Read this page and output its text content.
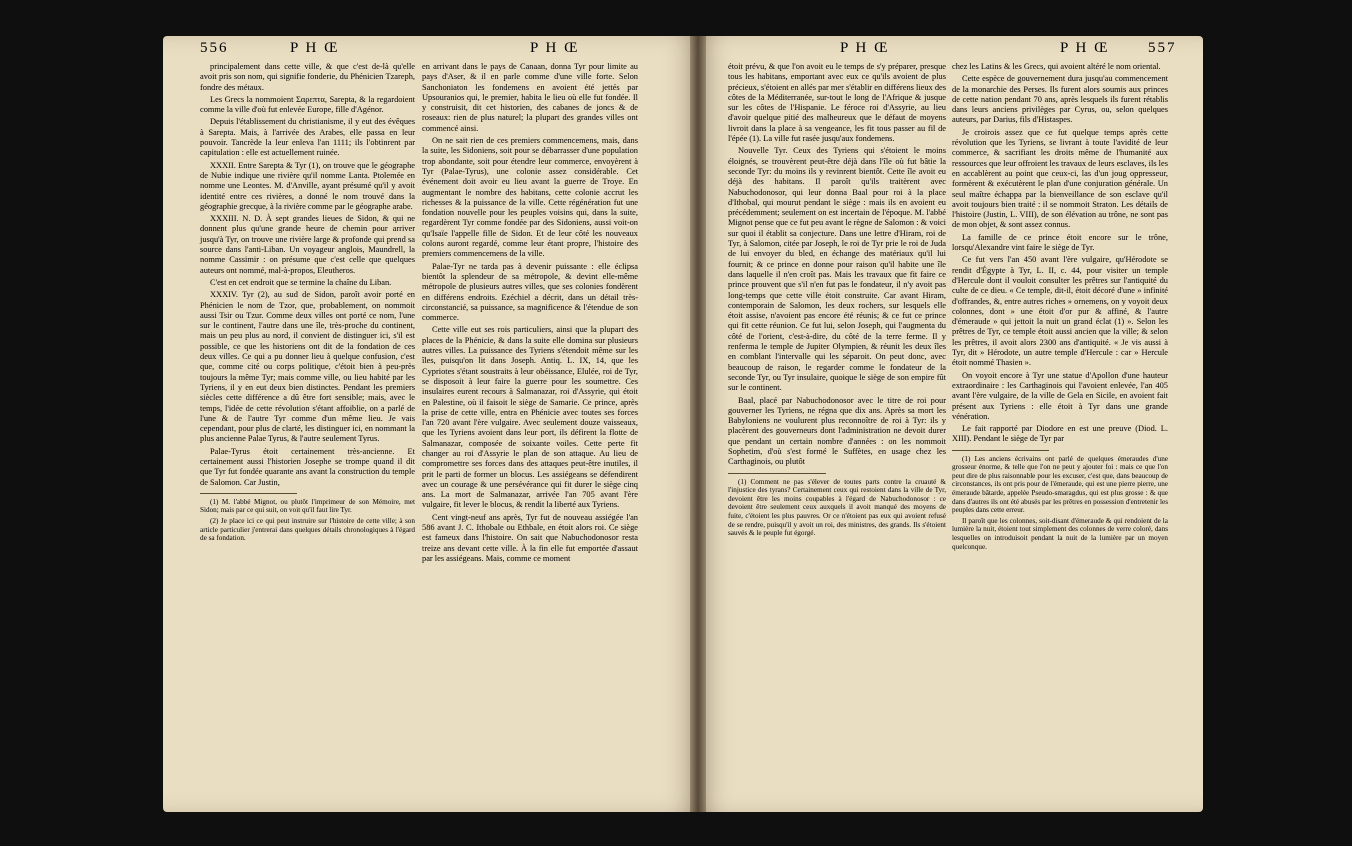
556	P H Œ	P H Œ	P H Œ	P H Œ	557

principalement dans cette ville, & que c'est de-là qu'elle avoit pris son nom, qui signifie fonderie, du Phénicien Tzareph, fondre des métaux.

Les Grecs la nommoient Σαρεπτα, Sarepta, & la regardoient comme la ville d'où fut enlevée Europe, fille d'Agénor.

Depuis l'établissement du christianisme, il y eut des évêques à Sarepta. Mais, à l'arrivée des Arabes, elle passa en leur pouvoir. Tancrède la leur enleva l'an 1111; ils l'obtinrent par capitulation : elle est actuellement ruinée.

XXXII. Entre Sarepta & Tyr (1), on trouve que le géographe de Nubie indique une rivière qu'il nomme Lanta. Ptolemée en nomme une Leontes. M. d'Anville, ayant présumé qu'il y avoit identité entre ces rivières, a donné le nom trouvé dans la géographie grecque, à la rivière comme par le géographe arabe.

XXXIII. N. D. À sept grandes lieues de Sidon, & qui ne donnent plus qu'une grande heure de chemin pour arriver jusqu'à Tyr, on trouve une rivière large & profonde qui prend sa source dans l'anti-Liban. Un voyageur anglois, Maundrell, la nomme Cassimir : on présume que c'est celle que quelques auteurs ont nommé, mal-à-propos, Eleutheros.

C'est en cet endroit que se termine la chaîne du Liban.

XXXIV. Tyr (2), au sud de Sidon, paroît avoir porté en Phénicien le nom de Tzor, que, probablement, on nommoit aussi Tsir ou Tzur. Comme deux villes ont porté ce nom, l'une sur le continent, l'autre dans une île, très-proche du continent, mais un peu plus au nord, il convient de distinguer ici, s'il est possible, ce que les historiens ont dit de la fondation de ces deux villes. Ce qui a pu donner lieu à quelque confusion, c'est que, comme cité ou corps politique, c'étoit bien à peu-près toujours la même Tyr; mais comme ville, ou lieu habité par les Tyriens, il y en eut deux bien distinctes. Pendant les premiers siècles cette différence a dû être fort sensible; mais, avec le temps, l'idée de cette révolution s'étant affoiblie, on a parlé de l'une & de l'autre Tyr comme d'un même lieu. Je vais cependant, pour plus de clarté, les distinguer ici, en nommant la plus ancienne Palae Tyrus, & l'autre seulement Tyrus.

Palae-Tyrus étoit certainement très-ancienne. Et certainement aussi l'historien Josephe se trompe quand il dit que Tyr fut fondée quarante ans avant la construction du temple de Salomon. Car Justin,

(1) M. l'abbé Mignot, ou plutôt l'imprimeur de son Mémoire, met Sidon; mais par ce qui suit, on voit qu'il faut lire Tyr.

(2) Je place ici ce qui peut instruire sur l'histoire de cette ville; à son article particulier j'entrerai dans quelques détails chronologiques à l'égard de sa fondation.

en arrivant dans le pays de Canaan, donna Tyr pour limite au pays d'Aser, & il en parle comme d'une ville forte. Selon Sanchoniaton les fondemens en avoient été jettés par Upsouranios qui, le premier, habita le lieu où elle fut fondée. Il y construisit, dit cet historien, des cabanes de joncs & de roseaux: rien de plus naturel; la plupart des grandes villes ont commencé ainsi.

On ne sait rien de ces premiers commencemens, mais, dans la suite, les Sidoniens, soit pour se débarrasser d'une population trop abondante, soit pour étendre leur commerce, envoyèrent à Tyr (Palae-Tyrus), une colonie assez considérable. Cet événement doit avoir eu lieu avant la guerre de Troye. En augmentant le nombre des habitans, cette colonie accrut les richesses & la puissance de la ville. Cette régénération fut une fondation nouvelle pour les peuples voisins qui, dans la suite, regardèrent Tyr comme fondée par des Sidoniens, aussi voit-on qu'Isaïe l'appelle fille de Sidon. Et de leur côté les nouveaux colons auront regardé, comme leur étant propre, l'histoire des premiers commencemens de la ville.

Palae-Tyr ne tarda pas à devenir puissante : elle éclipsa bientôt la splendeur de sa métropole, & devint elle-même métropole de plusieurs autres villes, que ses colonies fondèrent en différens endroits. Ezéchiel a décrit, dans un détail très-circonstancié, sa puissance, sa magnificence & l'étendue de son commerce.

Cette ville eut ses rois particuliers, ainsi que la plupart des places de la Phénicie, & dans la suite elle domina sur plusieurs autres villes. La puissance des Tyriens s'étendoit même sur les îles, puisqu'on lit dans Joseph. Antiq. L. IX, 14, que les Cypriotes s'étant soustraits à leur obéissance, Elulée, roi de Tyr, se disposoit à leur faire la guerre pour les soumettre. Ces insulaires eurent recours à Salmanazar, roi d'Assyrie, qui étoit en Palestine, où il faisoit le siège de Samarie. Ce prince, après la prise de cette ville, entra en Phénicie avec toutes ses forces l'an 720 avant l'ère vulgaire. Avec seulement douze vaisseaux, que les Tyriens avoient dans leur port, ils défirent la flotte de Salmanazar, composée de soixante voiles. Cette perte fit changer au roi d'Assyrie le plan de son attaque. Au lieu de compromettre ses forces dans des attaques peut-être inutiles, il prit le parti de former un blocus. Les assiégeans se défendirent avec un courage & une persévérance qui fit durer le siège cinq ans. La mort de Salmanazar, arrivée l'an 705 avant l'ère vulgaire, fit lever le blocus, & rendit la liberté aux Tyriens.

Cent vingt-neuf ans après, Tyr fut de nouveau assiégée l'an 586 avant J. C. Ithobale ou Ethbale, en étoit alors roi. Ce siège est fameux dans l'histoire. On sait que Nabuchodonosor resta treize ans devant cette ville. À la fin elle fut emportée d'assaut par les assiégeans. Mais, comme ce moment

étoit prévu, & que l'on avoit eu le temps de s'y préparer, presque tous les habitans, emportant avec eux ce qu'ils avoient de plus précieux, s'étoient en allés par mer s'établir en différens lieux des côtes de la Méditerranée, sur-tout le long de l'Afrique & jusque sur les côtes de l'Hispanie. Le féroce roi d'Assyrie, au lieu d'avoir quelque pitié des malheureux que le défaut de moyens livroit dans la place à sa vengeance, les fit tous passer au fil de l'épée (1). La ville fut rasée jusqu'aux fondemens.

Nouvelle Tyr. Ceux des Tyriens qui s'étoient le moins éloignés, se trouvèrent peut-être déjà dans l'île où fut bâtie la seconde Tyr: du moins ils y revinrent bientôt. Cette île avoit eu déjà des habitans. Il paroît qu'ils traitèrent avec Nabuchodonosor, qui leur donna Baal pour roi à la place d'Ithobal, qui mourut pendant le siège : mais ils en avoient eu précédemment; seulement on est incertain de l'époque. M. l'abbé Mignot pense que ce fut peu avant le règne de Salomon : & voici sur quoi il établit sa conjecture. Dans une lettre d'Hiram, roi de Tyr, à Salomon, citée par Joseph, le roi de Tyr prie le roi de Juda de lui envoyer du bled, en échange des matériaux qu'il lui fournit; & ce prince en donne pour raison qu'il habite une île dans laquelle il n'en croît pas. Mais les travaux que fit faire ce prince prouvent que s'il n'en fut pas le fondateur, il n'y avoit pas long-temps que cette ville étoit construite. Car avant Hiram, contemporain de Salomon, les deux rochers, sur lesquels elle étoit assise, n'avoient pas encore été réunis; & ce fut ce prince qui fit cette réunion. Ce fut lui, selon Joseph, qui l'augmenta du côté de l'orient, c'est-à-dire, du côté de la terre ferme. Il y renferma le temple de Jupiter Olympien, & réunit les deux îles en comblant l'intervalle qui les séparoit. On peut donc, avec beaucoup de raison, le regarder comme le fondateur de la seconde Tyr, ou Tyr insulaire, quoique le siège de son empire fût sur le continent.

Baal, placé par Nabuchodonosor avec le titre de roi pour gouverner les Tyriens, ne régna que dix ans. Après sa mort les Babyloniens ne voulurent plus reconnoître de roi à Tyr: ils y placèrent des gouverneurs dont l'administration ne devoit durer que pendant un certain nombre d'années : on les nommoit Sophetim, d'où s'est formé le Suffètes, en usage chez les Carthaginois, ou plutôt

(1) Comment ne pas s'élever de toutes parts contre la cruauté & l'injustice des tyrans? Certainement ceux qui restoient dans la ville de Tyr, devoient être les moins coupables à l'égard de Nabuchodonosor : ce devoient être seulement ceux auxquels il avoit manqué des moyens de fuite, c'étoient les plus pauvres. Or ce n'étoient pas eux qui avoient refusé de se rendre, puisqu'il y avoit un roi, des ministres, des grands. Ils s'étoient sauvés & le peuple fut égorgé.

chez les Latins & les Grecs, qui avoient altéré le nom oriental.

Cette espèce de gouvernement dura jusqu'au commencement de la monarchie des Perses. Ils furent alors soumis aux princes de cette nation pendant 70 ans, après lesquels ils furent rétablis dans leurs anciens privilèges par Cyrus, ou, selon quelques auteurs, par Darius, fils d'Histaspes.

Je croirois assez que ce fut quelque temps après cette révolution que les Tyriens, se livrant à toute l'avidité de leur commerce, & sacrifiant les droits même de l'humanité aux ressources que leur offroient les travaux de leurs esclaves, ils les en accablèrent au point que ceux-ci, las d'un joug oppresseur, formèrent & exécutèrent le plan d'une conjuration générale. Un seul maître échappa par la bienveillance de son esclave qu'il avoit toujours bien traité : il se nommoit Straton. Les détails de l'histoire (Justin, L. VIII), de son élévation au trône, ne sont pas de mon objet, & sont assez connus.

La famille de ce prince étoit encore sur le trône, lorsqu'Alexandre vint faire le siège de Tyr.

Ce fut vers l'an 450 avant l'ère vulgaire, qu'Hérodote se rendit d'Égypte à Tyr, L. II, c. 44, pour visiter un temple d'Hercule dont il vouloit consulter les prêtres sur l'antiquité du culte de ce dieu. « Ce temple, dit-il, étoit décoré d'une » infinité d'offrandes, &, entre autres riches » ornemens, on y voyoit deux colonnes, dont » une étoit d'or pur & affiné, & l'autre d'émeraude » qui jettoit la nuit un grand éclat (1) ». Selon les prêtres de Tyr, ce temple étoit aussi ancien que la ville; & selon les prêtres, il avoit alors 2300 ans d'antiquité. « Je vis aussi à Tyr, dit » Hérodote, un autre temple d'Hercule : car » Hercule étoit nommé Thasien ».

On voyoit encore à Tyr une statue d'Apollon d'une hauteur extraordinaire : les Carthaginois qui l'avoient enlevée, l'an 405 avant l'ère vulgaire, de la ville de Gela en Sicile, en avoient fait présent aux Tyriens : elle étoit à Tyr dans une grande vénération.

Le fait rapporté par Diodore en est une preuve (Diod. L. XIII). Pendant le siège de Tyr par

(1) Les anciens écrivains ont parlé de quelques émeraudes d'une grosseur énorme, & telle que l'on ne peut y ajouter foi : mais ce que l'on peut dire de plus raisonnable pour les excuser, c'est que, dans beaucoup de circonstances, ils ont pris pour de l'émeraude, qui est une pierre pierre, une émeraude bâtarde, appelée Pseudo-smaragdus, qui est plus grosse : & que dans d'autres ils ont été abusés par les prêtres en possession d'entretenir les peuples dans cette erreur.

Il paroît que les colonnes, soit-disant d'émeraude & qui rendoient de la lumière la nuit, étoient tout simplement des colonnes de verre coloré, dans lesquelles on introduisoit pendant la nuit de la lumière par un moyen quelconque.
